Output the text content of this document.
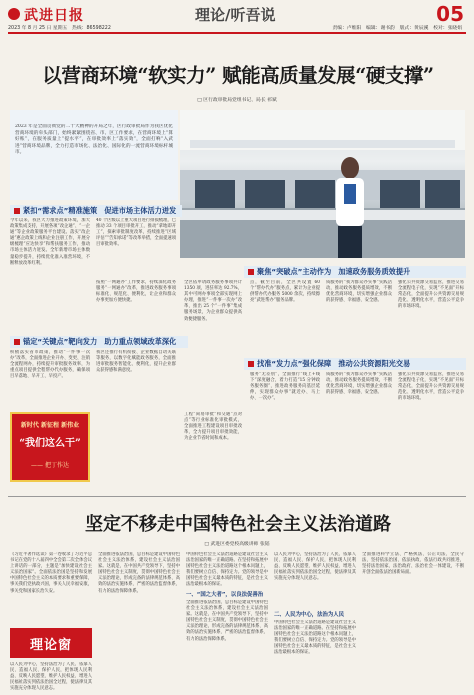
武进日报	理论/听吾说	05
2023 年 8 月 25 日 星期五　热线：86598222	责编：卢维阳　编辑：谢书韵　版式：黄辰溪　校对：张晓娟
以营商环境“软实力” 赋能高质量发展“硬支撑”
□ 区行政审批局党组书记、局长 祁斌
2023 年是全面贯彻党的二十大精神的开局之年，区行政审批局作为我区优化营商环境的牵头部门，始终紧紧围绕省、市、区工作要求，在营商环境上“算好账”，在服务质量上“提水平”，在审批效率上“落实效”，全面打响“入武进”营商环境品牌，全力打造市场化、法治化、国际化的一流营商环境标杆城市。
紧扣“需求点”精准施策　促进市场主体活力迸发
聚焦“突破点”主动作为　加速政务服务质效提升
锚定“关键点”靶向发力　助力重点领域改革深化
找准“发力点”强化保障　推动公共资源阳光交易
今年以来，我区大力推进政策环境，加大政策集成支持，开展各项“改企通”、“一企通”等企业政策服务平台建设。落实“改企通”惠企政策上线和企业注册工作，开展分级梳理“应达快享”和帮扶服务工作，推动市场主体活力迸发。全年新增市场主体数量稳步提升，持续优化准入准营环境，不断释放改革红利。
40 个区级以上重大项目进行排摸梳理，已推动 33 个项目审批开工，推动“拿地即开工”，探索审批制度改革，持续推进“区域评估”“告知承诺”等改革举措，全面提速项目审批效率。
按照“一网通办”工作要求，持续深化政务服务“一网通办”改革，推进政务服务事项标准化、规范化、便利化，让企业和群众办事更加方便快捷。
积极落实省市政策，推动“一件事一次办”改革，全面推进企业开办、变更、注销全流程网办，持续提升审批服务效率，为重点项目提供全程帮办代办服务，确保项目早落地、早开工、早投产。
我区还推行有机衔接、企业数据自动关联等服务，以数字化赋能政务服务，全面推进审批服务智能化、便利化，提升企业群众获得感和满意度。
全区依申请政务服务事项共计 1350 项，进驻率达 92.7%，其中可网办事项全部实现网上办理，推进“一件事一次办”改革，推出 25 个“一件事”集成服务场景，为企业群众提供高效便捷服务。
点，截至目前，全区共设置 60 个“帮办代办”服务点，累计为企业提供帮办代办服务 5000 余次，持续擦亮“武进帮办”服务品牌。
质服务的“我为群众办实事”实践活动，推动政务服务提质增效，不断优化营商环境，切实增强企业群众的获得感、幸福感、安全感。
强化公共资源交易监管，推进交易全流程电子化，实现“不见面”开标常态化，全面提升公共资源交易规范化、透明化水平，营造公平竞争的市场环境。
工程“简易审批”和交通“点对点”等行业标准化审批模式，全面推进工程建设项目审批改革，全力提升项目审批效能，为企业节省时间和成本。
服务“无差别”，全面推行“线上+线下”深度融合，着力打造“15 分钟政务服务圈”，推进政务服务向基层延伸，实现群众办事“就近办、马上办、一次办”。
质服务的“我为群众办实事”实践活动，推动政务服务提质增效，不断优化营商环境，切实增强企业群众的获得感、幸福感、安全感。
强化公共资源交易监管，推进交易全流程电子化，实现“不见面”开标常态化，全面提升公共资源交易规范化、透明化水平，营造公平竞争的市场环境。
新时代 新征程 新伟业
“我们这么干”
—— 把丁作达
坚定不移走中国特色社会主义法治道路
□ 武进区委党校高级讲师 张韬
《习近平著作选读》第一卷收录了习近平总书记在党的十八届四中全会第二次全体会议上讲话的一部分，主题是“加快建设社会主义法治国家”。全面依法治国是坚持和发展中国特色社会主义的本质要求和重要保障，事关我们党执政兴国，事关人民幸福安康，事关党和国家长治久安。
全面推进依法治国，总目标是建设中国特色社会主义法治体系，建设社会主义法治国家。这就是，在中国共产党领导下，坚持中国特色社会主义制度，贯彻中国特色社会主义法治理论，形成完备的法律规范体系、高效的法治实施体系、严密的法治监督体系、有力的法治保障体系。
一、“国之大者”，以良法促善治
中国特色社会主义法治道路是建设社会主义法治国家的唯一正确道路。在坚持和拓展中国特色社会主义法治道路这个根本问题上，我们要树立自信、保持定力。党的领导是中国特色社会主义最本质的特征，是社会主义法治最根本的保证。
全面推进依法治国，总目标是建设中国特色社会主义法治体系，建设社会主义法治国家。这就是，在中国共产党领导下，坚持中国特色社会主义制度，贯彻中国特色社会主义法治理论，形成完备的法律规范体系、高效的法治实施体系、严密的法治监督体系、有力的法治保障体系。
二、人民为中心，法治为人民
以人民为中心，坚持法治为了人民、依靠人民、造福人民、保护人民，把体现人民利益、反映人民愿望、维护人民权益、增进人民福祉落实到依法治国全过程，使法律及其实施充分体现人民意志。
中国特色社会主义法治道路是建设社会主义法治国家的唯一正确道路。在坚持和拓展中国特色社会主义法治道路这个根本问题上，我们要树立自信、保持定力。党的领导是中国特色社会主义最本质的特征，是社会主义法治最根本的保证。
全面推进科学立法、严格执法、公正司法、全民守法，坚持依法治国、依法执政、依法行政共同推进，坚持法治国家、法治政府、法治社会一体建设，不断开创全面依法治国新局面。
理论窗
以人民为中心，坚持法治为了人民、依靠人民、造福人民、保护人民，把体现人民利益、反映人民愿望、维护人民权益、增进人民福祉落实到依法治国全过程，使法律及其实施充分体现人民意志。
